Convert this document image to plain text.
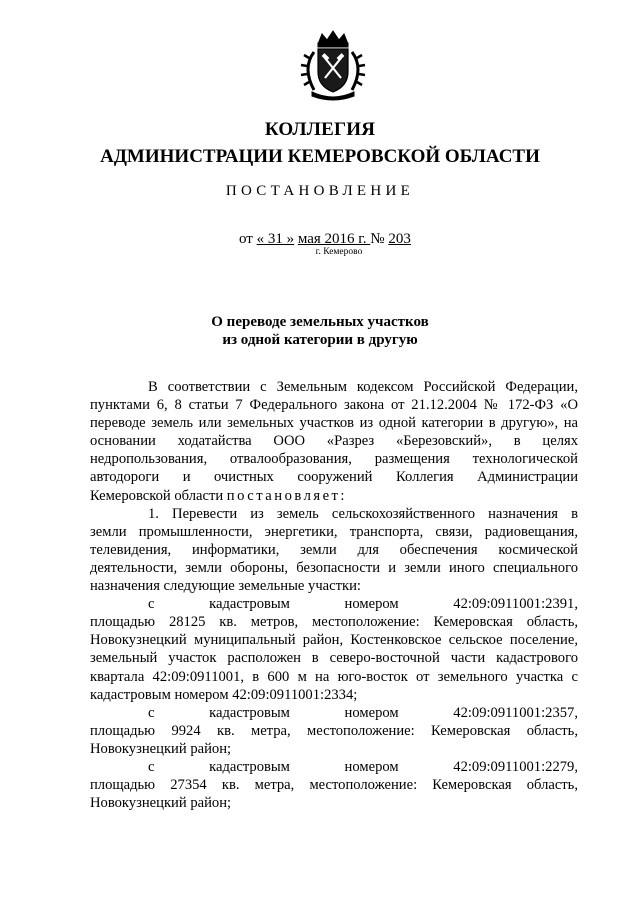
КОЛЛЕГИЯ
АДМИНИСТРАЦИИ КЕМЕРОВСКОЙ ОБЛАСТИ
ПОСТАНОВЛЕНИЕ
от « 31 » мая 2016 г. № 203
г. Кемерово
О переводе земельных участков
из одной категории в другую
В соответствии с Земельным кодексом Российской Федерации,
пунктами 6, 8 статьи 7 Федерального закона от 21.12.2004 № 172-ФЗ «О
переводе земель или земельных участков из одной категории в другую», на
основании ходатайства ООО «Разрез «Березовский», в целях
недропользования, отвалообразования, размещения технологической
автодороги и очистных сооружений Коллегия Администрации
Кемеровской области постановляет:
1. Перевести из земель сельскохозяйственного назначения в
земли промышленности, энергетики, транспорта, связи, радиовещания,
телевидения, информатики, земли для обеспечения космической
деятельности, земли обороны, безопасности и земли иного специального
назначения следующие земельные участки:
с	кадастровым	номером	42:09:0911001:2391,
площадью 28125 кв. метров, местоположение: Кемеровская область,
Новокузнецкий муниципальный район, Костенковское сельское поселение,
земельный участок расположен в северо-восточной части кадастрового
квартала 42:09:0911001, в 600 м на юго-восток от земельного участка с
кадастровым номером 42:09:0911001:2334;
с	кадастровым	номером	42:09:0911001:2357,
площадью 9924 кв. метра, местоположение: Кемеровская область,
Новокузнецкий район;
с	кадастровым	номером	42:09:0911001:2279,
площадью 27354 кв. метра, местоположение: Кемеровская область,
Новокузнецкий район;
